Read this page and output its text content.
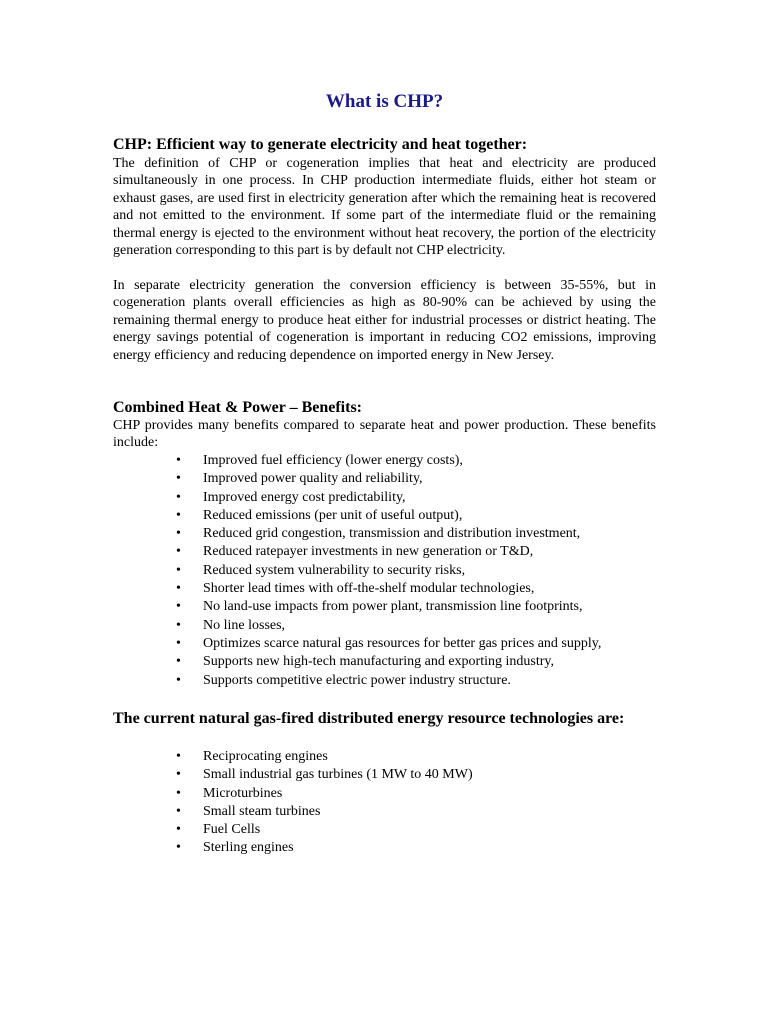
What is CHP?
CHP: Efficient way to generate electricity and heat together:

The definition of CHP or cogeneration implies that heat and electricity are produced simultaneously in one process. In CHP production intermediate fluids, either hot steam or exhaust gases, are used first in electricity generation after which the remaining heat is recovered and not emitted to the environment. If some part of the intermediate fluid or the remaining thermal energy is ejected to the environment without heat recovery, the portion of the electricity generation corresponding to this part is by default not CHP electricity.

In separate electricity generation the conversion efficiency is between 35-55%, but in cogeneration plants overall efficiencies as high as 80-90% can be achieved by using the remaining thermal energy to produce heat either for industrial processes or district heating. The energy savings potential of cogeneration is important in reducing CO2 emissions, improving energy efficiency and reducing dependence on imported energy in New Jersey.

Combined Heat & Power – Benefits:

CHP provides many benefits compared to separate heat and power production. These benefits include:

• Improved fuel efficiency (lower energy costs),
• Improved power quality and reliability,
• Improved energy cost predictability,
• Reduced emissions (per unit of useful output),
• Reduced grid congestion, transmission and distribution investment,
• Reduced ratepayer investments in new generation or T&D,
• Reduced system vulnerability to security risks,
• Shorter lead times with off-the-shelf modular technologies,
• No land-use impacts from power plant, transmission line footprints,
• No line losses,
• Optimizes scarce natural gas resources for better gas prices and supply,
• Supports new high-tech manufacturing and exporting industry,
• Supports competitive electric power industry structure.
The current natural gas-fired distributed energy resource technologies are:
• Reciprocating engines
• Small industrial gas turbines (1 MW to 40 MW)
• Microturbines
• Small steam turbines
• Fuel Cells
• Sterling engines
